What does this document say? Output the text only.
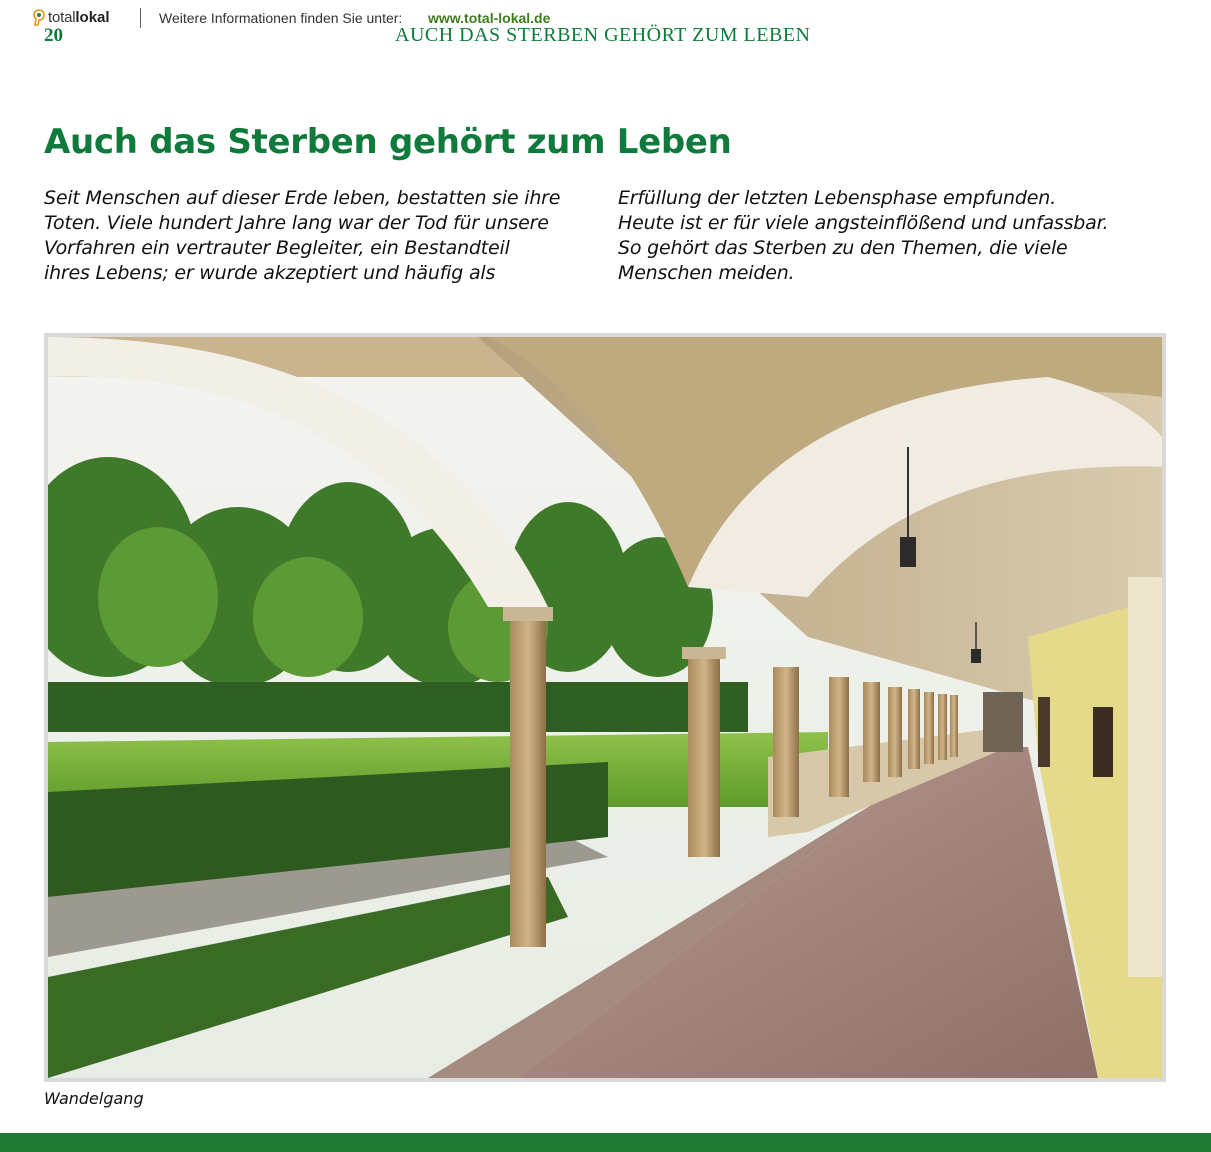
total lokal	Weitere Informationen finden Sie unter: www.total-lokal.de
20	AUCH DAS STERBEN GEHÖRT ZUM LEBEN
Auch das Sterben gehört zum Leben
Seit Menschen auf dieser Erde leben, bestatten sie ihre
Toten. Viele hundert Jahre lang war der Tod für unsere
Vorfahren ein vertrauter Begleiter, ein Bestandteil
ihres Lebens; er wurde akzeptiert und häufig als
Erfüllung der letzten Lebensphase empfunden.
Heute ist er für viele angsteinflößend und unfassbar.
So gehört das Sterben zu den Themen, die viele
Menschen meiden.
Wandelgang
